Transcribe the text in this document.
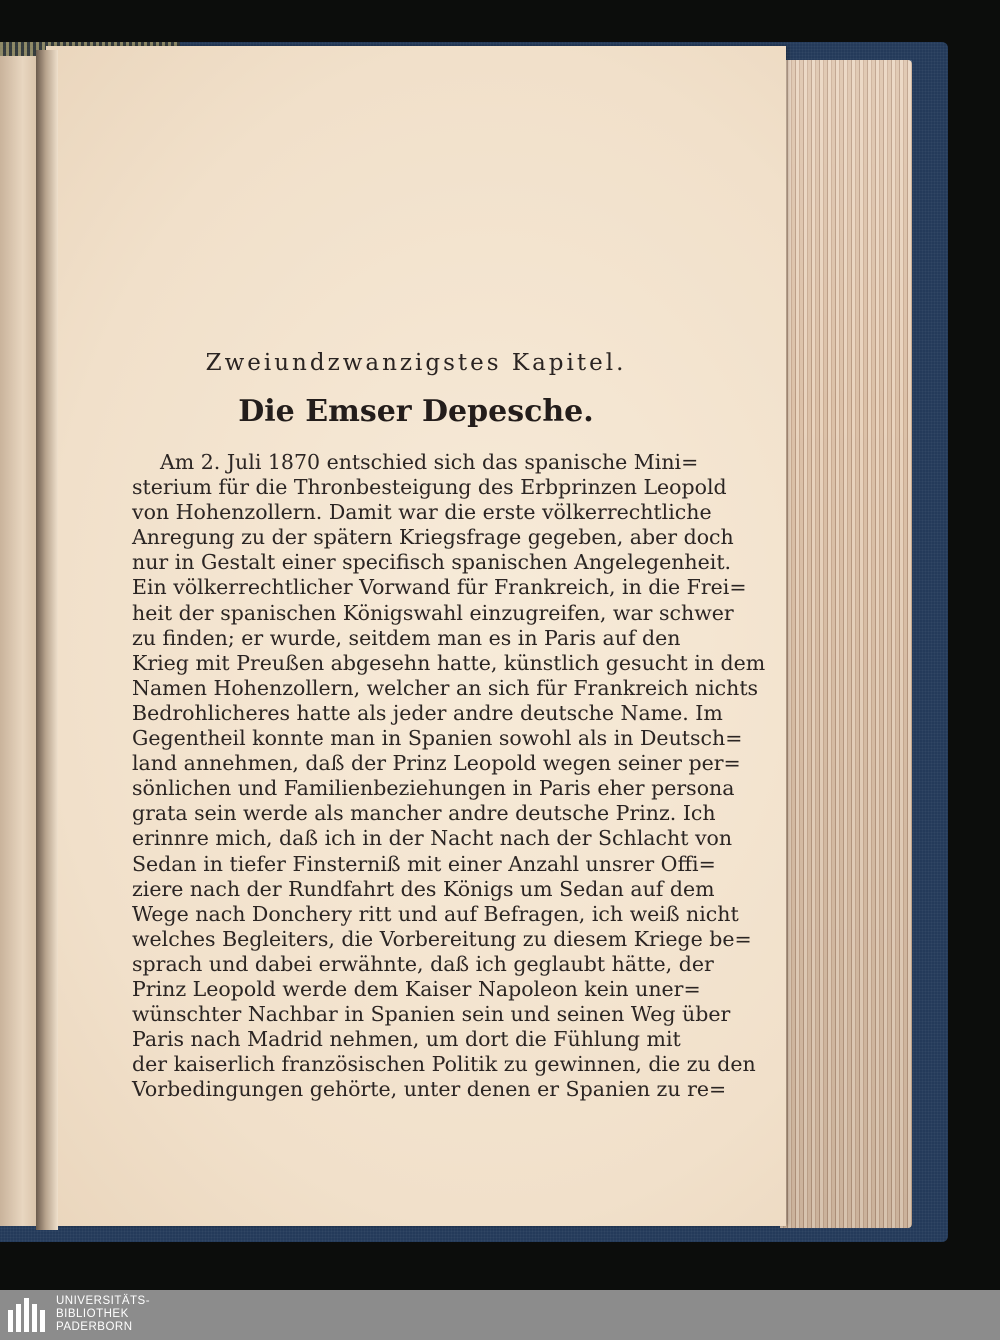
Zweiundzwanzigstes Kapitel.
Die Emser Depesche.
Am 2. Juli 1870 entschied sich das spanische Mini=
sterium für die Thronbesteigung des Erbprinzen Leopold
von Hohenzollern. Damit war die erste völkerrechtliche
Anregung zu der spätern Kriegsfrage gegeben, aber doch
nur in Gestalt einer specifisch spanischen Angelegenheit.
Ein völkerrechtlicher Vorwand für Frankreich, in die Frei=
heit der spanischen Königswahl einzugreifen, war schwer
zu finden; er wurde, seitdem man es in Paris auf den
Krieg mit Preußen abgesehn hatte, künstlich gesucht in dem
Namen Hohenzollern, welcher an sich für Frankreich nichts
Bedrohlicheres hatte als jeder andre deutsche Name. Im
Gegentheil konnte man in Spanien sowohl als in Deutsch=
land annehmen, daß der Prinz Leopold wegen seiner per=
sönlichen und Familienbeziehungen in Paris eher persona
grata sein werde als mancher andre deutsche Prinz. Ich
erinnre mich, daß ich in der Nacht nach der Schlacht von
Sedan in tiefer Finsterniß mit einer Anzahl unsrer Offi=
ziere nach der Rundfahrt des Königs um Sedan auf dem
Wege nach Donchery ritt und auf Befragen, ich weiß nicht
welches Begleiters, die Vorbereitung zu diesem Kriege be=
sprach und dabei erwähnte, daß ich geglaubt hätte, der
Prinz Leopold werde dem Kaiser Napoleon kein uner=
wünschter Nachbar in Spanien sein und seinen Weg über
Paris nach Madrid nehmen, um dort die Fühlung mit
der kaiserlich französischen Politik zu gewinnen, die zu den
Vorbedingungen gehörte, unter denen er Spanien zu re=
UNIVERSITÄTS-
BIBLIOTHEK
PADERBORN
